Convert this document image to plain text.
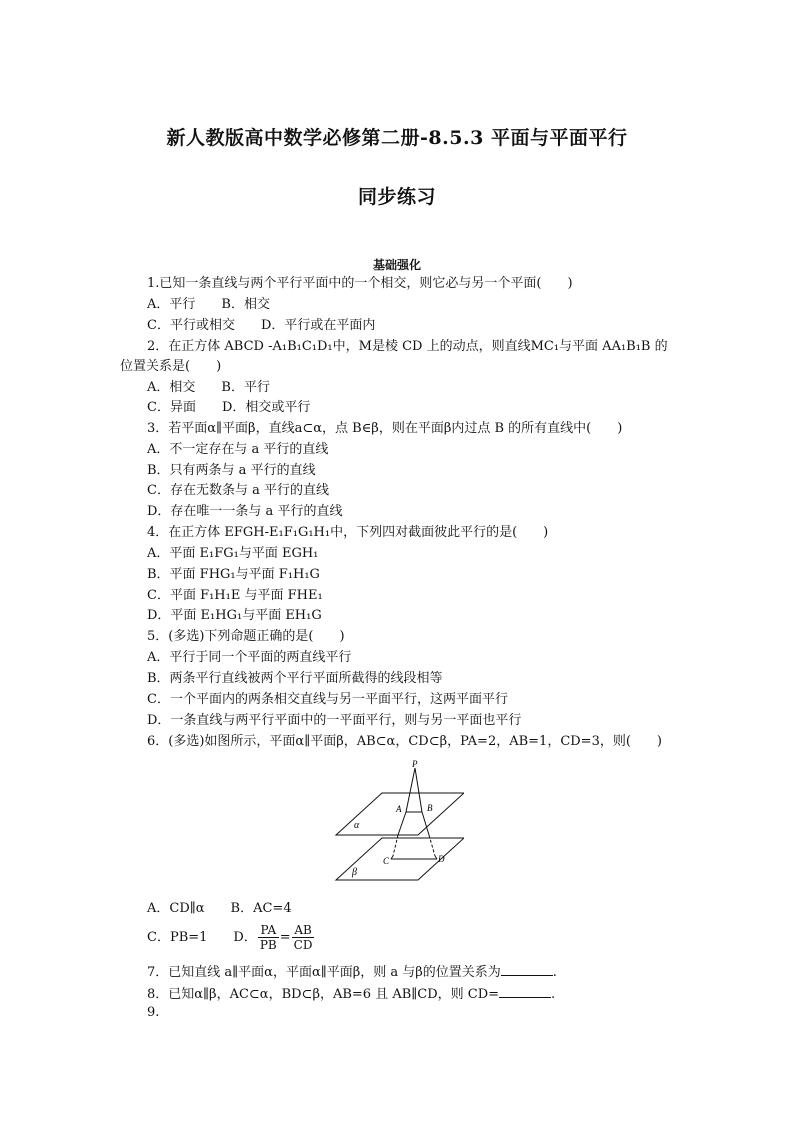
新人教版高中数学必修第二册-8.5.3 平面与平面平行
同步练习
基础强化
1.已知一条直线与两个平行平面中的一个相交，则它必与另一个平面(　　)
A．平行　　B．相交
C．平行或相交　　D．平行或在平面内
2．在正方体 ABCD -A₁B₁C₁D₁中，M是棱 CD 上的动点，则直线MC₁与平面 AA₁B₁B 的
位置关系是(　　)
A．相交　　B．平行
C．异面　　D．相交或平行
3．若平面α∥平面β，直线a⊂α，点 B∈β，则在平面β内过点 B 的所有直线中(　　)
A．不一定存在与 a 平行的直线
B．只有两条与 a 平行的直线
C．存在无数条与 a 平行的直线
D．存在唯一一条与 a 平行的直线
4．在正方体 EFGH-E₁F₁G₁H₁中，下列四对截面彼此平行的是(　　)
A．平面 E₁FG₁与平面 EGH₁
B．平面 FHG₁与平面 F₁H₁G
C．平面 F₁H₁E 与平面 FHE₁
D．平面 E₁HG₁与平面 EH₁G
5．(多选)下列命题正确的是(　　)
A．平行于同一个平面的两直线平行
B．两条平行直线被两个平行平面所截得的线段相等
C．一个平面内的两条相交直线与另一平面平行，这两平面平行
D．一条直线与两平行平面中的一平面平行，则与另一平面也平行
6．(多选)如图所示，平面α∥平面β，AB⊂α，CD⊂β，PA=2，AB=1，CD=3，则(　　)
P
A	B
C	D
α
β
A．CD∥α　　B．AC=4
C．PB=1　　D． $\frac{PA}{PB} = \frac{AB}{CD}$
7．已知直线 a∥平面α，平面α∥平面β，则 a 与β的位置关系为	.
8．已知α∥β，AC⊂α，BD⊂β，AB=6 且 AB∥CD，则 CD=	.
9.
